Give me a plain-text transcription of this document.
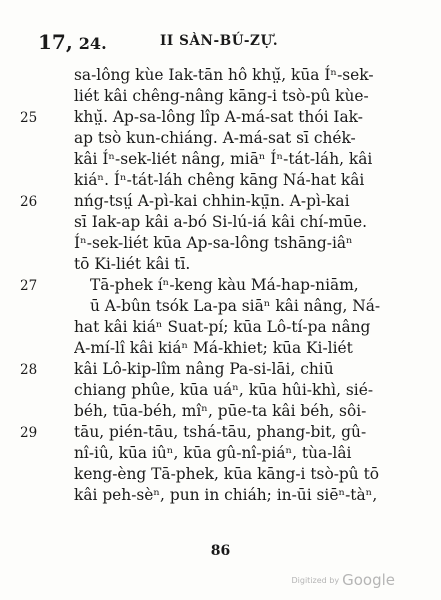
17, 24.	II SÀN-BÚ-ZỰ.
sa-lông kùe Iak-tān hô khṳ̆, kūa Íⁿ-sek-
liét kâi chêng-nâng kāng-i tsò-pû kùe-
25 khṳ̆. Ap-sa-lông lîp A-má-sat thói Iak-
ap tsò kun-chiáng. A-má-sat sī chék-
kâi Íⁿ-sek-liét nâng, miāⁿ Íⁿ-tát-láh, kâi
kiáⁿ. Íⁿ-tát-láh chêng kāng Ná-hat kâi
26 nńg-tsṳ́ A-pì-kai chhin-kṳ̄n. A-pì-kai
sī Iak-ap kâi a-bó Si-lú-iá kâi chí-mūe.
Íⁿ-sek-liét kūa Ap-sa-lông tshāng-iâⁿ
tō Ki-liét kâi tī.
27	Tā-phek íⁿ-keng kàu Má-hap-niām,
ū A-bûn tsók La-pa siāⁿ kâi nâng, Ná-
hat kâi kiáⁿ Suat-pí; kūa Lô-tí-pa nâng
A-mí-lî kâi kiáⁿ Má-khiet; kūa Ki-liét
28 kâi Lô-kip-lîm nâng Pa-si-lāi, chiū
chiang phûe, kūa uáⁿ, kūa hûi-khì, sié-
béh, tūa-béh, mîⁿ, pūe-ta kâi béh, sôi-
29 tāu, pién-tāu, tshá-tāu, phang-bit, gû-
nî-iû, kūa iûⁿ, kūa gû-nî-piáⁿ, tùa-lâi
keng-èng Tā-phek, kūa kāng-i tsò-pû tō
kâi peh-sèⁿ, pun in chiáh; in-ūi siēⁿ-tàⁿ,
86
Digitized by Google
